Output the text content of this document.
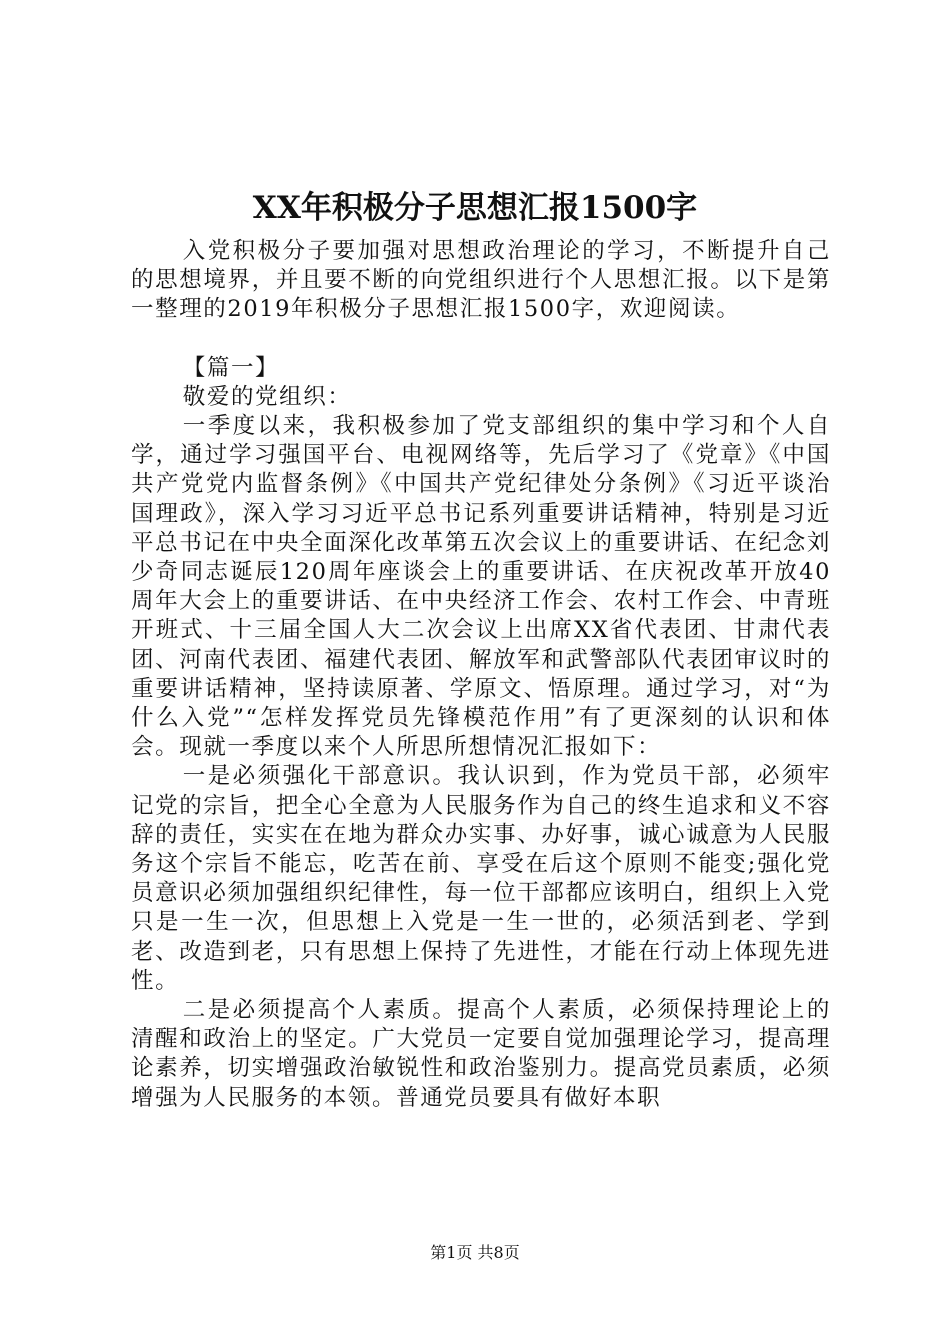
XX年积极分子思想汇报1500字

入党积极分子要加强对思想政治理论的学习，不断提升自己的思想境界，并且要不断的向党组织进行个人思想汇报。以下是第一整理的2019年积极分子思想汇报1500字，欢迎阅读。

【篇一】

敬爱的党组织：

一季度以来，我积极参加了党支部组织的集中学习和个人自学，通过学习强国平台、电视网络等，先后学习了《党章》《中国共产党党内监督条例》《中国共产党纪律处分条例》《习近平谈治国理政》，深入学习习近平总书记系列重要讲话精神，特别是习近平总书记在中央全面深化改革第五次会议上的重要讲话、在纪念刘少奇同志诞辰120周年座谈会上的重要讲话、在庆祝改革开放40周年大会上的重要讲话、在中央经济工作会、农村工作会、中青班开班式、十三届全国人大二次会议上出席XX省代表团、甘肃代表团、河南代表团、福建代表团、解放军和武警部队代表团审议时的重要讲话精神，坚持读原著、学原文、悟原理。通过学习，对“为什么入党”“怎样发挥党员先锋模范作用”有了更深刻的认识和体会。现就一季度以来个人所思所想情况汇报如下：

一是必须强化干部意识。我认识到，作为党员干部，必须牢记党的宗旨，把全心全意为人民服务作为自己的终生追求和义不容辞的责任，实实在在地为群众办实事、办好事，诚心诚意为人民服务这个宗旨不能忘，吃苦在前、享受在后这个原则不能变;强化党员意识必须加强组织纪律性，每一位干部都应该明白，组织上入党只是一生一次，但思想上入党是一生一世的，必须活到老、学到老、改造到老，只有思想上保持了先进性，才能在行动上体现先进性。

二是必须提高个人素质。提高个人素质，必须保持理论上的清醒和政治上的坚定。广大党员一定要自觉加强理论学习，提高理论素养，切实增强政治敏锐性和政治鉴别力。提高党员素质，必须增强为人民服务的本领。普通党员要具有做好本职

第1页 共8页
